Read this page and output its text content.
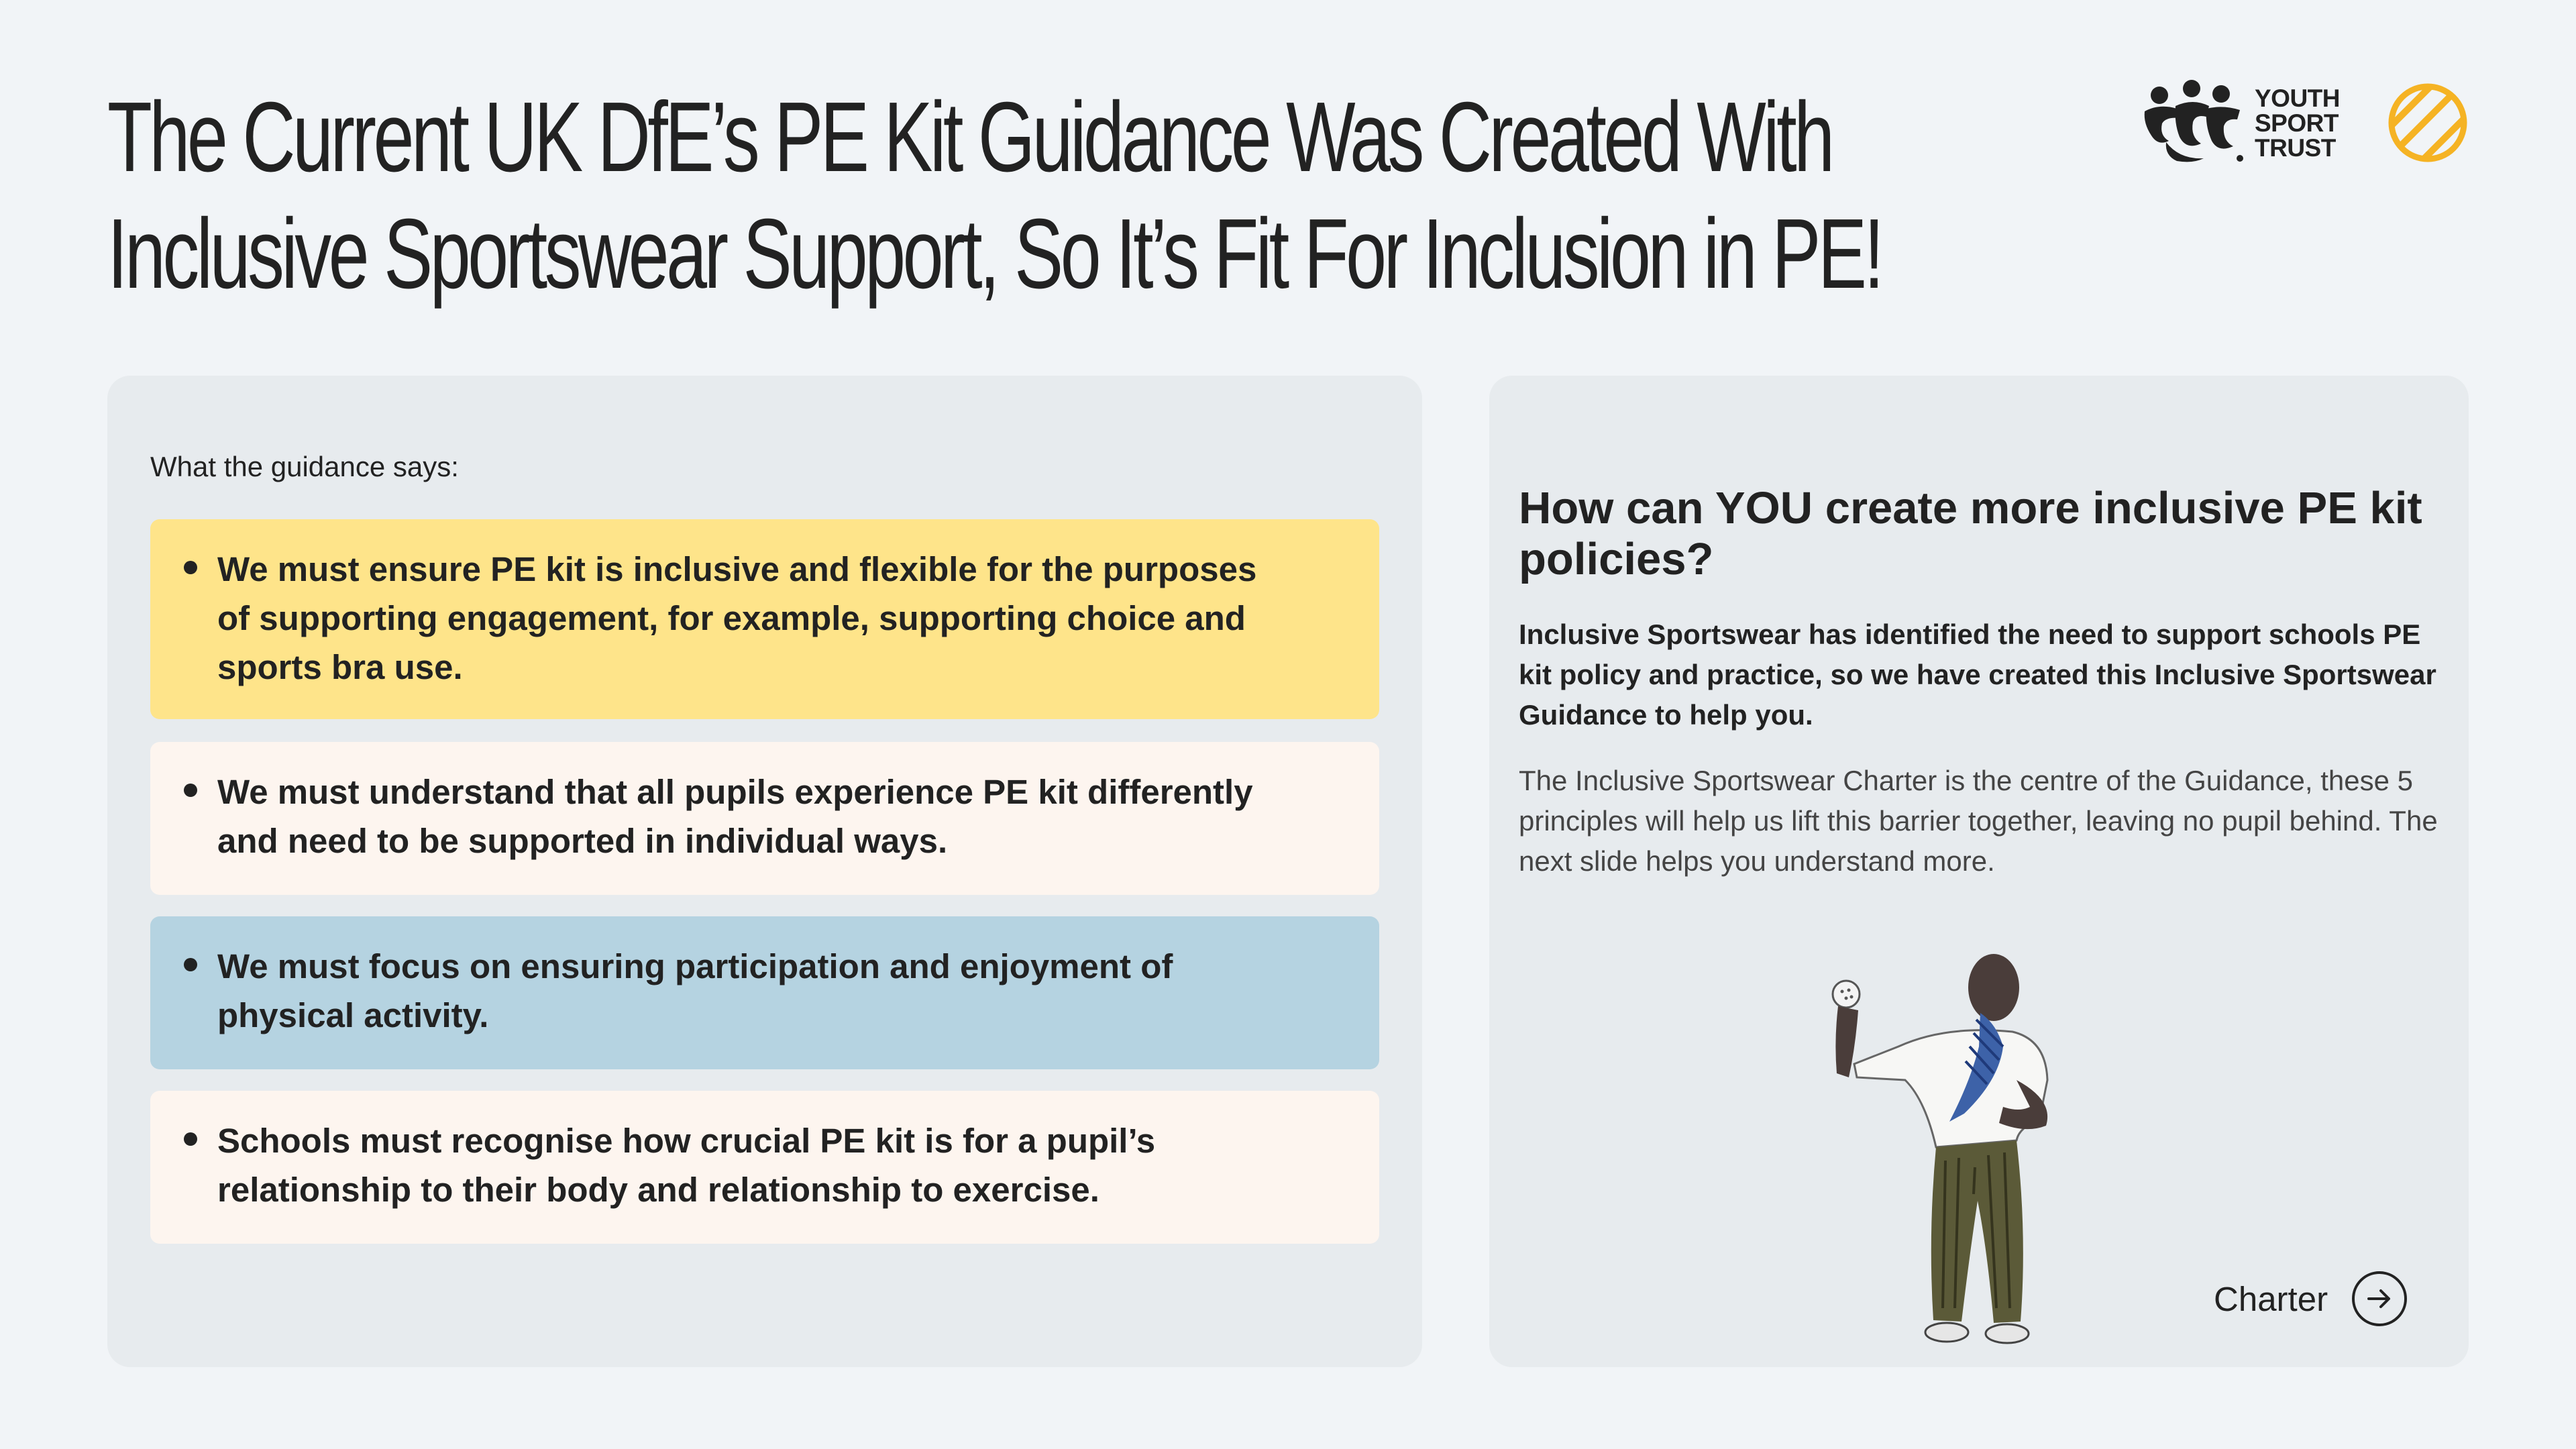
The Current UK DfE’s PE Kit Guidance Was Created With
Inclusive Sportswear Support, So It’s Fit For Inclusion in PE!
YOUTH
SPORT
TRUST
What the guidance says:
We must ensure PE kit is inclusive and flexible for the purposes of supporting engagement, for example, supporting choice and sports bra use.
We must understand that all pupils experience PE kit differently and need to be supported in individual ways.
We must focus on ensuring participation and enjoyment of physical activity.
Schools must recognise how crucial PE kit is for a pupil’s relationship to their body and relationship to exercise.
How can YOU create more inclusive PE kit policies?

Inclusive Sportswear has identified the need to support schools PE kit policy and practice, so we have created this Inclusive Sportswear Guidance to help you.

The Inclusive Sportswear Charter is the centre of the Guidance, these 5 principles will help us lift this barrier together, leaving no pupil behind. The next slide helps you understand more.

Charter
